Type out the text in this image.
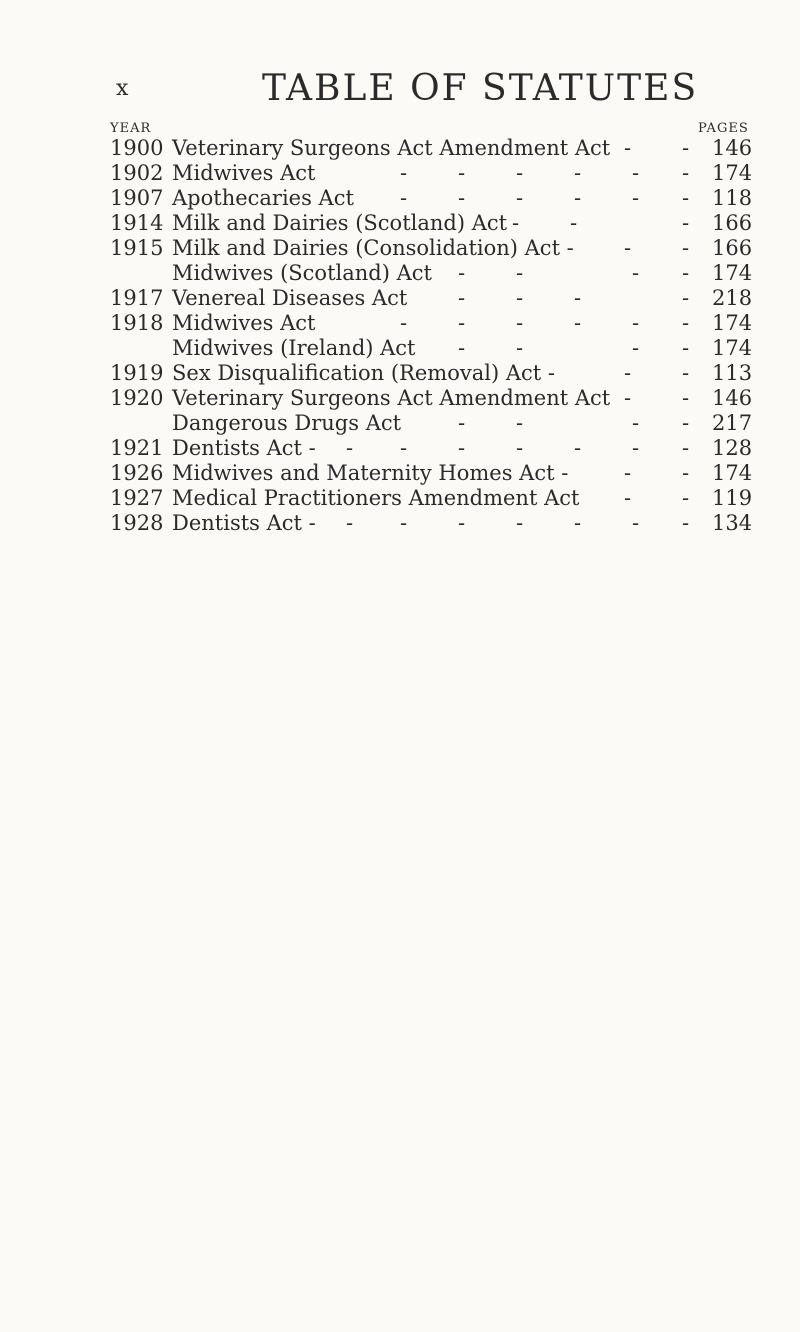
x	TABLE OF STATUTES
YEAR	PAGES
1900 Veterinary Surgeons Act Amendment Act - - 146
1902 Midwives Act	- - - - - - 174
1907 Apothecaries Act - - - - - - 118
1914 Milk and Dairies (Scotland) Act - -	- 166
1915 Milk and Dairies (Consolidation) Act - - - 166
Midwives (Scotland) Act - -	- - 174
1917 Venereal Diseases Act - - -	- 218
1918 Midwives Act	- - - - - - 174
Midwives (Ireland) Act - -	- - 174
1919 Sex Disqualification (Removal) Act -	- - 113
1920 Veterinary Surgeons Act Amendment Act - - 146
Dangerous Drugs Act	- -	- - 217
1921 Dentists Act - - - - - - - - 128
1926 Midwives and Maternity Homes Act -	- - 174
1927 Medical Practitioners Amendment Act - - 119
1928 Dentists Act - - - - - - - - 134
